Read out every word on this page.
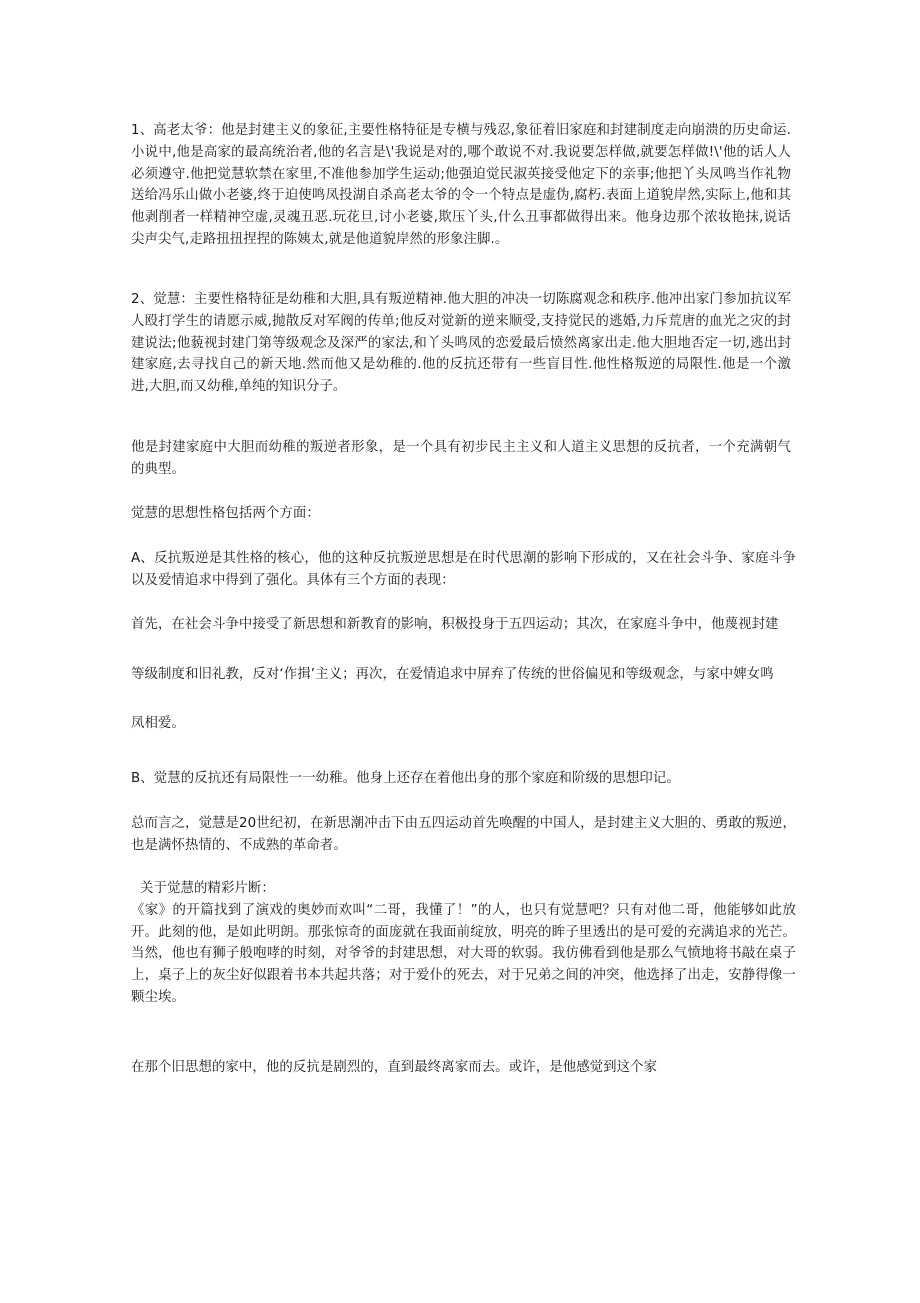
1、高老太爷：他是封建主义的象征,主要性格特征是专横与残忍,象征着旧家庭和封建制度走向崩溃的历史命运.小说中,他是高家的最高统治者,他的名言是\'我说是对的,哪个敢说不对.我说要怎样做,就要怎样做!\'他的话人人必须遵守.他把觉慧软禁在家里,不准他参加学生运动;他强迫觉民淑英接受他定下的亲事;他把丫头凤鸣当作礼物送给冯乐山做小老婆,终于迫使鸣凤投湖自杀高老太爷的令一个特点是虚伪,腐朽.表面上道貌岸然,实际上,他和其他剥削者一样精神空虚,灵魂丑恶.玩花旦,讨小老婆,欺压丫头,什么丑事都做得出来。他身边那个浓妆艳抹,说话尖声尖气,走路扭扭捏捏的陈姨太,就是他道貌岸然的形象注脚.。

2、觉慧：主要性格特征是幼稚和大胆,具有叛逆精神.他大胆的冲决一切陈腐观念和秩序.他冲出家门参加抗议军人殴打学生的请愿示威,抛散反对军阀的传单;他反对觉新的逆来顺受,支持觉民的逃婚,力斥荒唐的血光之灾的封建说法;他藐视封建门第等级观念及深严的家法,和丫头鸣凤的恋爱最后愤然离家出走.他大胆地否定一切,逃出封建家庭,去寻找自己的新天地.然而他又是幼稚的.他的反抗还带有一些盲目性.他性格叛逆的局限性.他是一个激进,大胆,而又幼稚,单纯的知识分子。

他是封建家庭中大胆而幼稚的叛逆者形象，是一个具有初步民主主义和人道主义思想的反抗者，一个充满朝气的典型。

觉慧的思想性格包括两个方面：

A、反抗叛逆是其性格的核心，他的这种反抗叛逆思想是在时代思潮的影响下形成的，又在社会斗争、家庭斗争以及爱情追求中得到了强化。具体有三个方面的表现：

首先，在社会斗争中接受了新思想和新教育的影响，积极投身于五四运动；其次，在家庭斗争中，他蔑视封建

等级制度和旧礼教，反对‘作揖’主义；再次，在爱情追求中屏弃了传统的世俗偏见和等级观念，与家中婢女鸣

凤相爱。

B、觉慧的反抗还有局限性一一幼稚。他身上还存在着他出身的那个家庭和阶级的思想印记。

总而言之，觉慧是20世纪初，在新思潮冲击下由五四运动首先唤醒的中国人，是封建主义大胆的、勇敢的叛逆，也是满怀热情的、不成熟的革命者。

关于觉慧的精彩片断：
《家》的开篇找到了演戏的奥妙而欢叫“二哥，我懂了！”的人，也只有觉慧吧？只有对他二哥，他能够如此放开。此刻的他，是如此明朗。那张惊奇的面庞就在我面前绽放，明亮的眸子里透出的是可爱的充满追求的光芒。当然，他也有狮子般咆哮的时刻，对爷爷的封建思想，对大哥的软弱。我仿佛看到他是那么气愤地将书敲在桌子上，桌子上的灰尘好似跟着书本共起共落；对于爱仆的死去，对于兄弟之间的冲突，他选择了出走，安静得像一颗尘埃。

在那个旧思想的家中，他的反抗是剧烈的，直到最终离家而去。或许，是他感觉到这个家
